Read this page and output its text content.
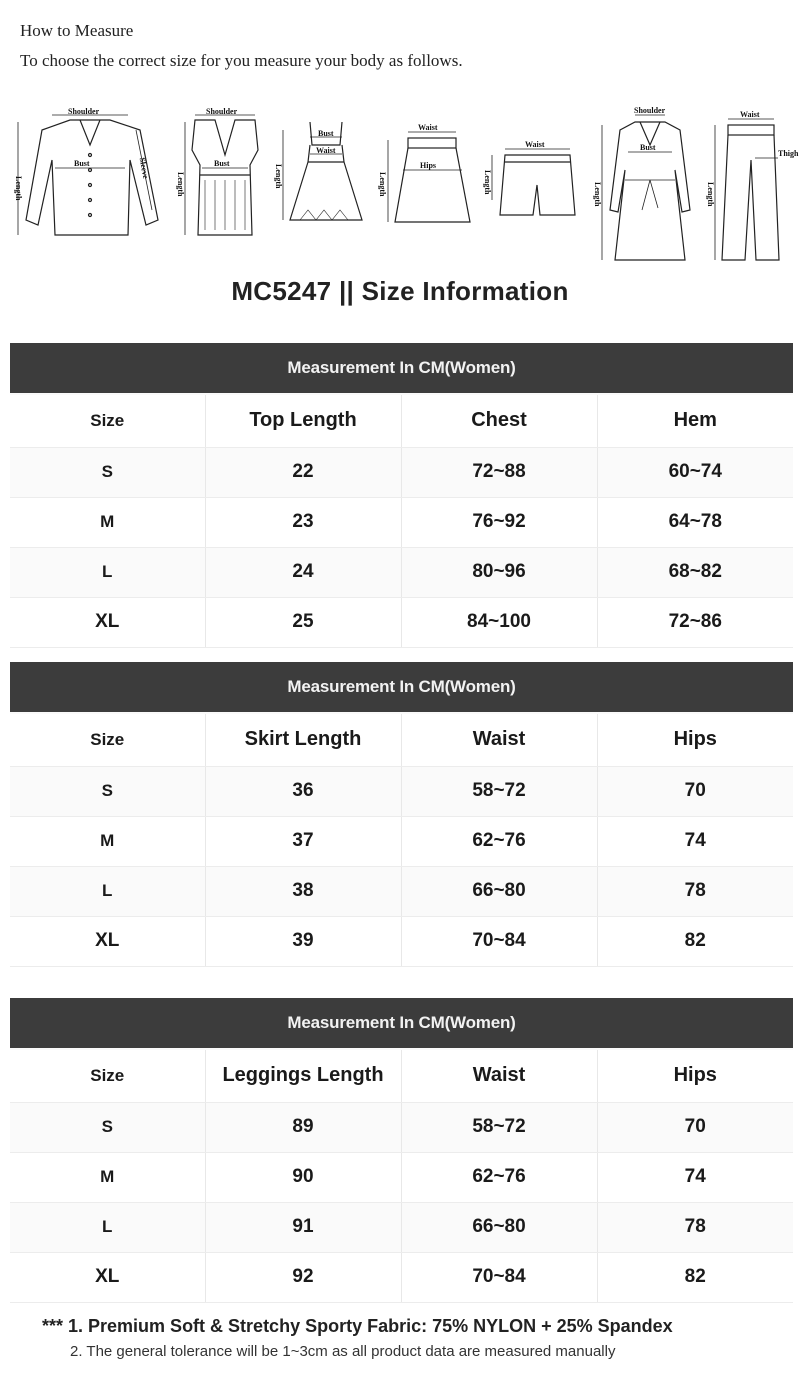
How to Measure
To choose the correct size for you measure your body as follows.
Shoulder
Bust
Length
Sleeve
Shoulder
Bust
Length
Bust
Waist
Length
Waist
Hips
Length
Waist
Length
Shoulder
Bust
Length
Waist
Thigh
Length
MC5247 || Size Information
Measurement In CM(Women)			

Size	Top Length	Chest	Hem
S	22	72~88	60~74
M	23	76~92	64~78
L	24	80~96	68~82
XL	25	84~100	72~86
Measurement In CM(Women)			

Size	Skirt Length	Waist	Hips
S	36	58~72	70
M	37	62~76	74
L	38	66~80	78
XL	39	70~84	82
Measurement In CM(Women)			

Size	Leggings Length	Waist	Hips
S	89	58~72	70
M	90	62~76	74
L	91	66~80	78
XL	92	70~84	82
*** 1. Premium Soft & Stretchy Sporty Fabric: 75% NYLON + 25% Spandex
2. The general tolerance will be 1~3cm as all product data are measured manually
